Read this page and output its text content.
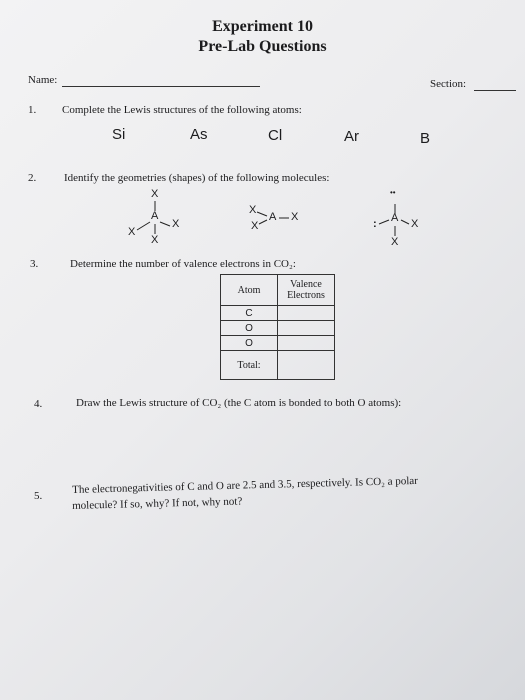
Experiment 10
Pre-Lab Questions
Name:	Section:
1. Complete the Lewis structures of the following atoms:
Si	As	Cl	Ar	B
2.	Identify the geometries (shapes) of the following molecules:
X
A
X
X
X
X
X
A X
••
A
:	X
X
3.	Determine the number of valence electrons in CO₂:
Atom	Valence Electrons
C	
O	
O	
Total:	
4.	Draw the Lewis structure of CO₂ (the C atom is bonded to both O atoms):
5.
The electronegativities of C and O are 2.5 and 3.5, respectively. Is CO₂ a polar
molecule? If so, why? If not, why not?
